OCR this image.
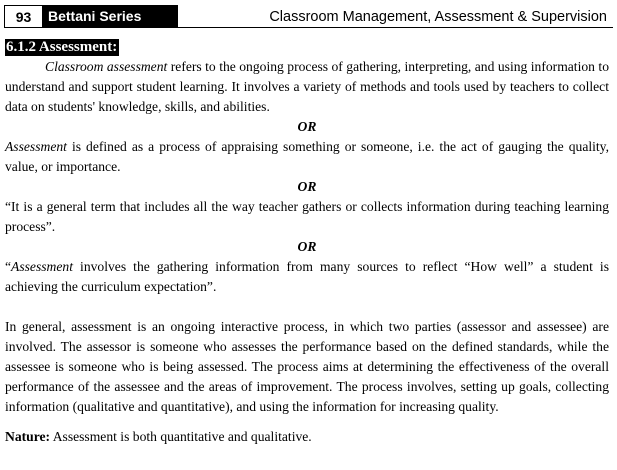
93	Bettani Series	Classroom Management, Assessment & Supervision
6.1.2 Assessment:

Classroom assessment refers to the ongoing process of gathering, interpreting, and using information to understand and support student learning. It involves a variety of methods and tools used by teachers to collect data on students' knowledge, skills, and abilities.

OR

Assessment is defined as a process of appraising something or someone, i.e. the act of gauging the quality, value, or importance.

OR

“It is a general term that includes all the way teacher gathers or collects information during teaching learning process”.

OR

“Assessment involves the gathering information from many sources to reflect “How well” a student is achieving the curriculum expectation”.

In general, assessment is an ongoing interactive process, in which two parties (assessor and assessee) are involved. The assessor is someone who assesses the performance based on the defined standards, while the assessee is someone who is being assessed. The process aims at determining the effectiveness of the overall performance of the assessee and the areas of improvement. The process involves, setting up goals, collecting information (qualitative and quantitative), and using the information for increasing quality.

Nature: Assessment is both quantitative and qualitative.
